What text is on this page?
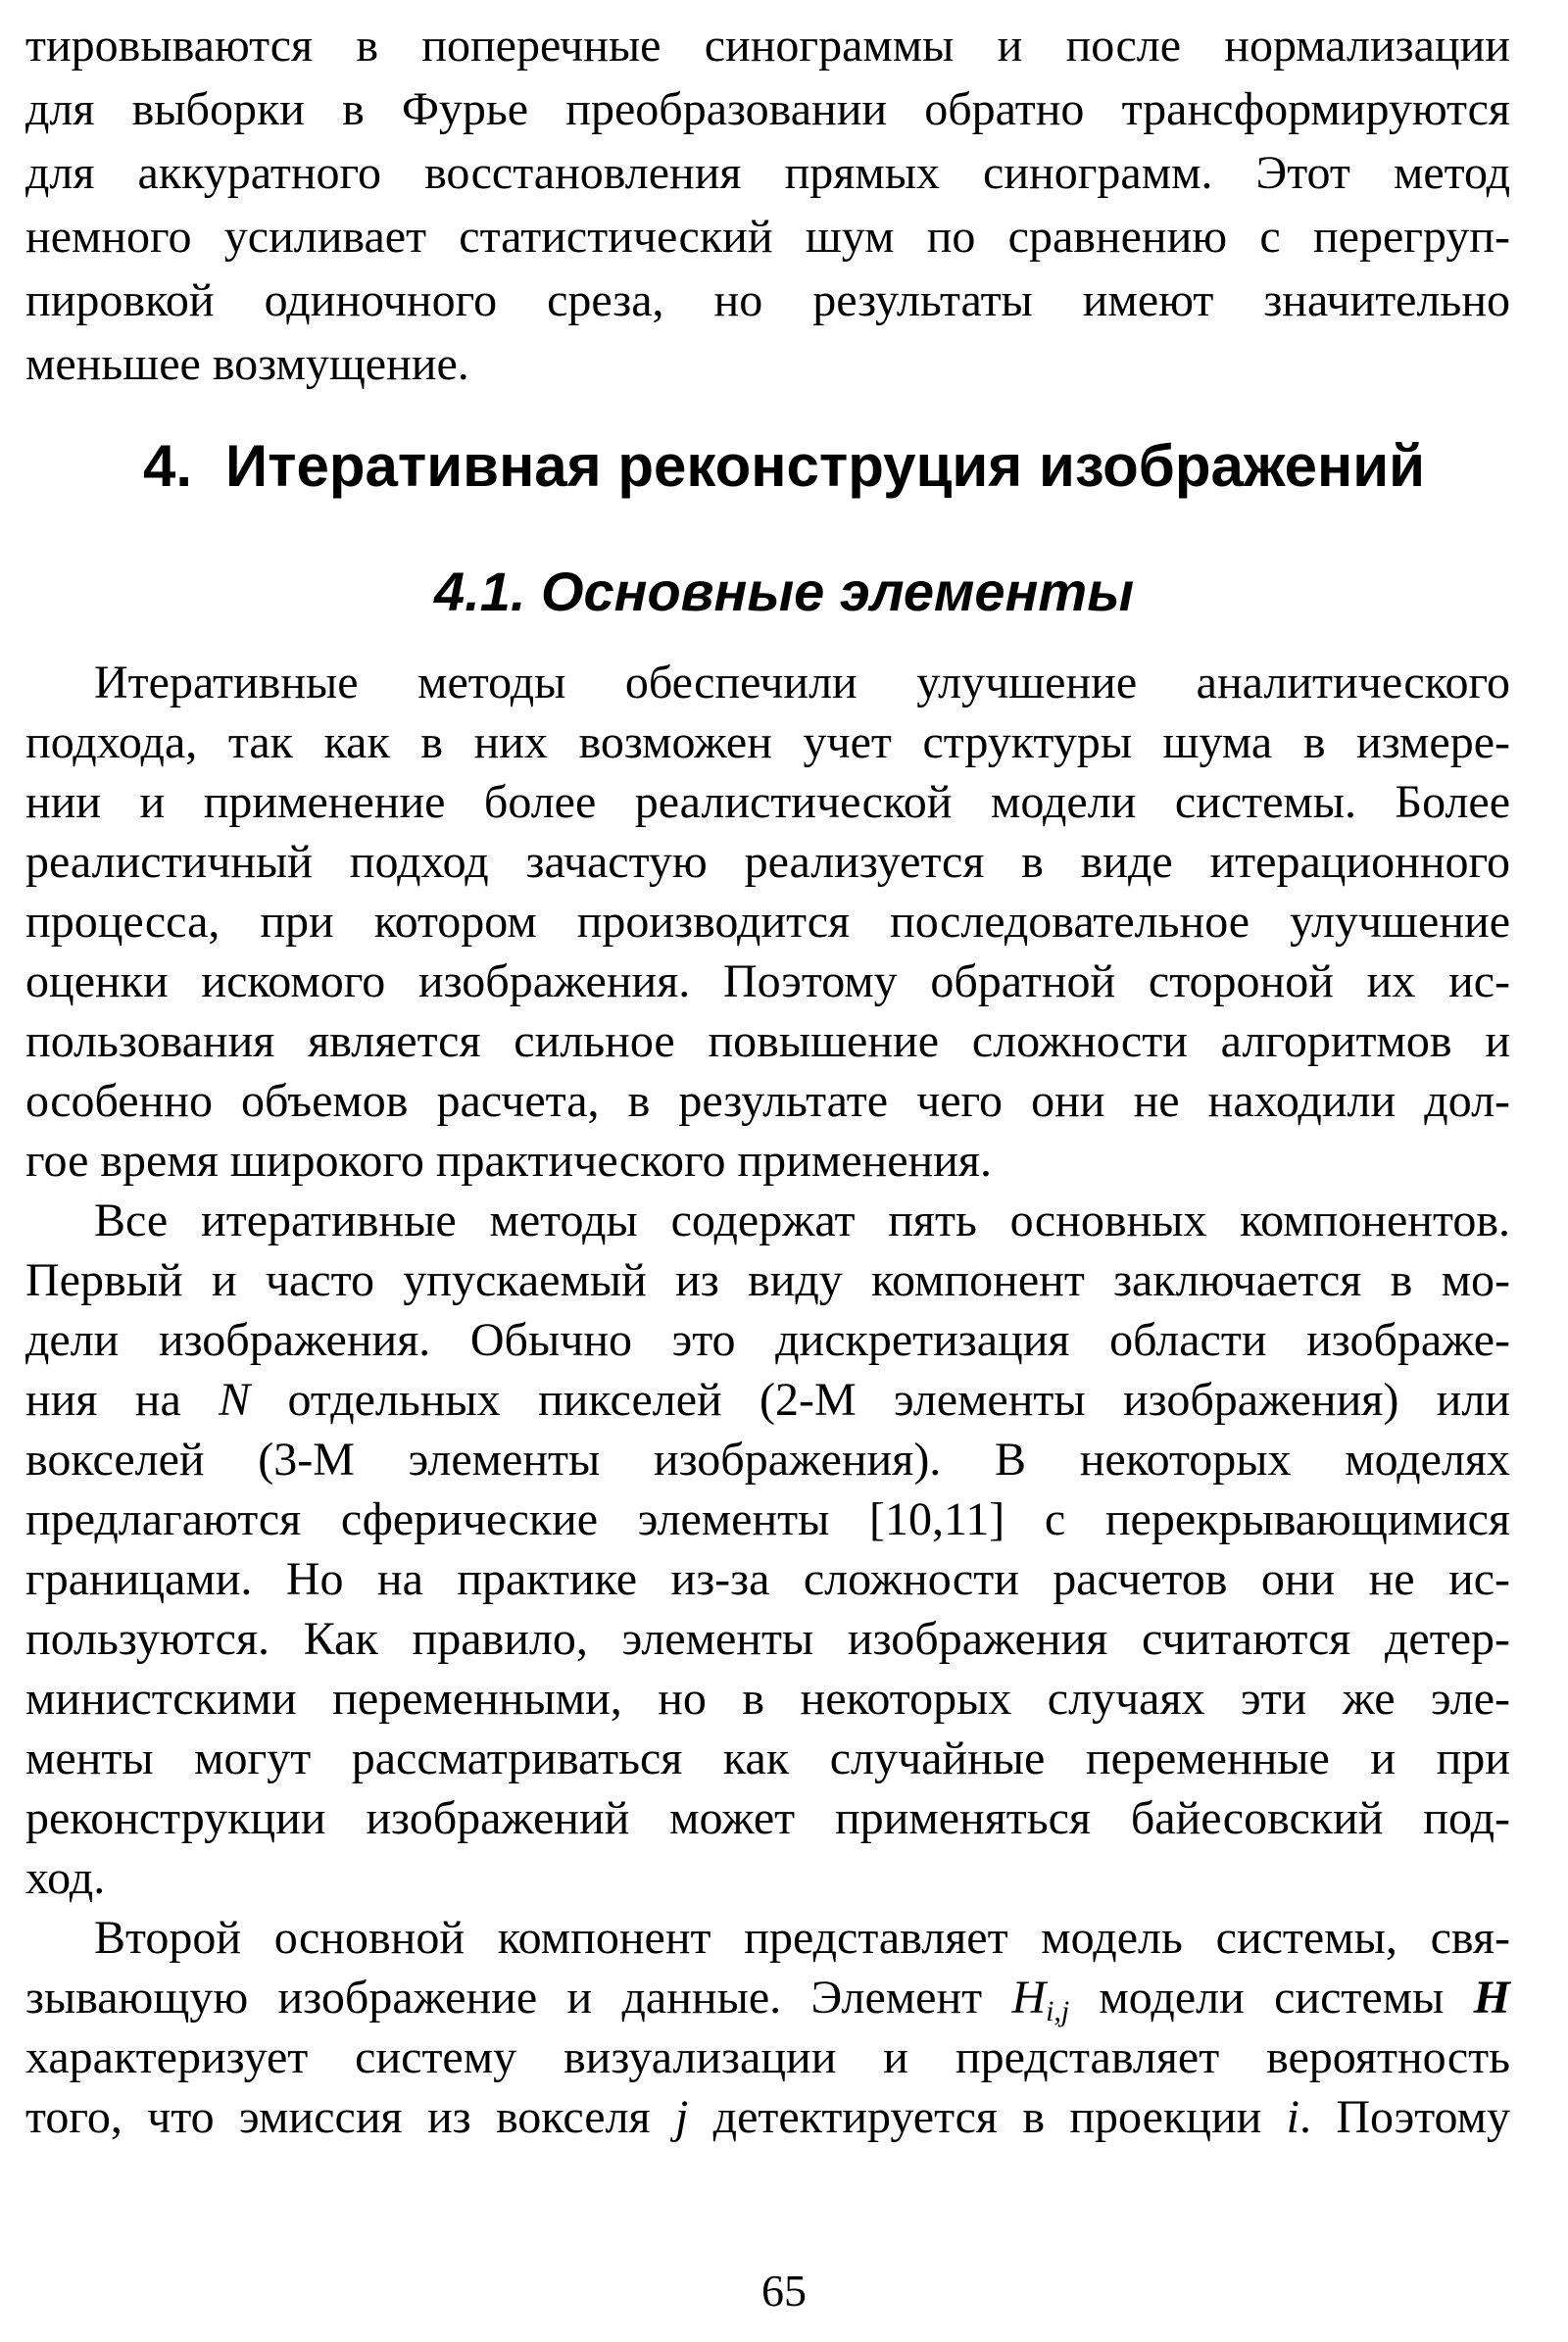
тировываются в поперечные синограммы и после нормализации
для выборки в Фурье преобразовании обратно трансформируются
для аккуратного восстановления прямых синограмм. Этот метод
немного усиливает статистический шум по сравнению с перегруп-
пировкой одиночного среза, но результаты имеют значительно
меньшее возмущение.
4. Итеративная реконструция изображений
4.1. Основные элементы
Итеративные методы обеспечили улучшение аналитического
подхода, так как в них возможен учет структуры шума в измере-
нии и применение более реалистической модели системы. Более
реалистичный подход зачастую реализуется в виде итерационного
процесса, при котором производится последовательное улучшение
оценки искомого изображения. Поэтому обратной стороной их ис-
пользования является сильное повышение сложности алгоритмов и
особенно объемов расчета, в результате чего они не находили дол-
гое время широкого практического применения.
Все итеративные методы содержат пять основных компонентов.
Первый и часто упускаемый из виду компонент заключается в мо-
дели изображения. Обычно это дискретизация области изображе-
ния на N отдельных пикселей (2-М элементы изображения) или
вокселей (3-М элементы изображения). В некоторых моделях
предлагаются сферические элементы [10,11] с перекрывающимися
границами. Но на практике из-за сложности расчетов они не ис-
пользуются. Как правило, элементы изображения считаются детер-
министскими переменными, но в некоторых случаях эти же эле-
менты могут рассматриваться как случайные переменные и при
реконструкции изображений может применяться байесовский под-
ход.
Второй основной компонент представляет модель системы, свя-
зывающую изображение и данные. Элемент $H_{i,j}$ модели системы H
характеризует систему визуализации и представляет вероятность
того, что эмиссия из вокселя j детектируется в проекции i. Поэтому
65
